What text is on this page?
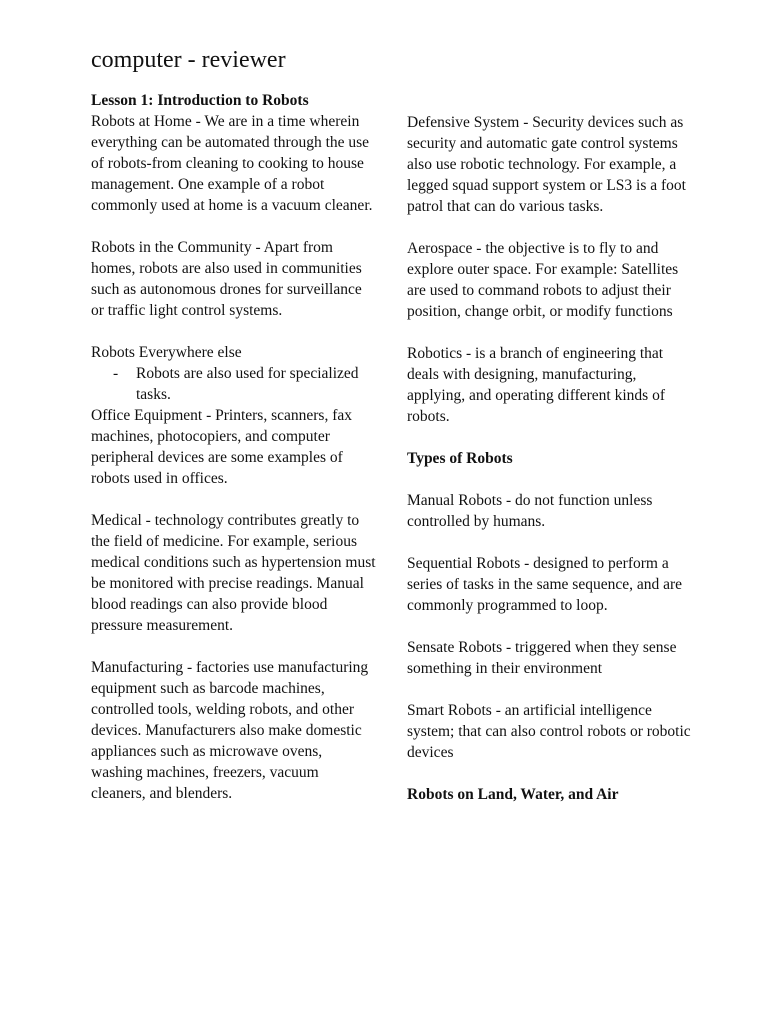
computer - reviewer

Lesson 1: Introduction to Robots

Robots at Home - We are in a time wherein everything can be automated through the use of robots-from cleaning to cooking to house management. One example of a robot commonly used at home is a vacuum cleaner.

Robots in the Community - Apart from homes, robots are also used in communities such as autonomous drones for surveillance or traffic light control systems.

Robots Everywhere else

- Robots are also used for specialized tasks.

Office Equipment - Printers, scanners, fax machines, photocopiers, and computer peripheral devices are some examples of robots used in offices.

Medical - technology contributes greatly to the field of medicine. For example, serious medical conditions such as hypertension must be monitored with precise readings. Manual blood readings can also provide blood pressure measurement.

Manufacturing - factories use manufacturing equipment such as barcode machines, controlled tools, welding robots, and other devices. Manufacturers also make domestic appliances such as microwave ovens, washing machines, freezers, vacuum cleaners, and blenders.

Defensive System - Security devices such as security and automatic gate control systems also use robotic technology. For example, a legged squad support system or LS3 is a foot patrol that can do various tasks.

Aerospace - the objective is to fly to and explore outer space. For example: Satellites are used to command robots to adjust their position, change orbit, or modify functions

Robotics - is a branch of engineering that deals with designing, manufacturing, applying, and operating different kinds of robots.

Types of Robots

Manual Robots - do not function unless controlled by humans.

Sequential Robots - designed to perform a series of tasks in the same sequence, and are commonly programmed to loop.

Sensate Robots - triggered when they sense something in their environment

Smart Robots - an artificial intelligence system; that can also control robots or robotic devices

Robots on Land, Water, and Air
